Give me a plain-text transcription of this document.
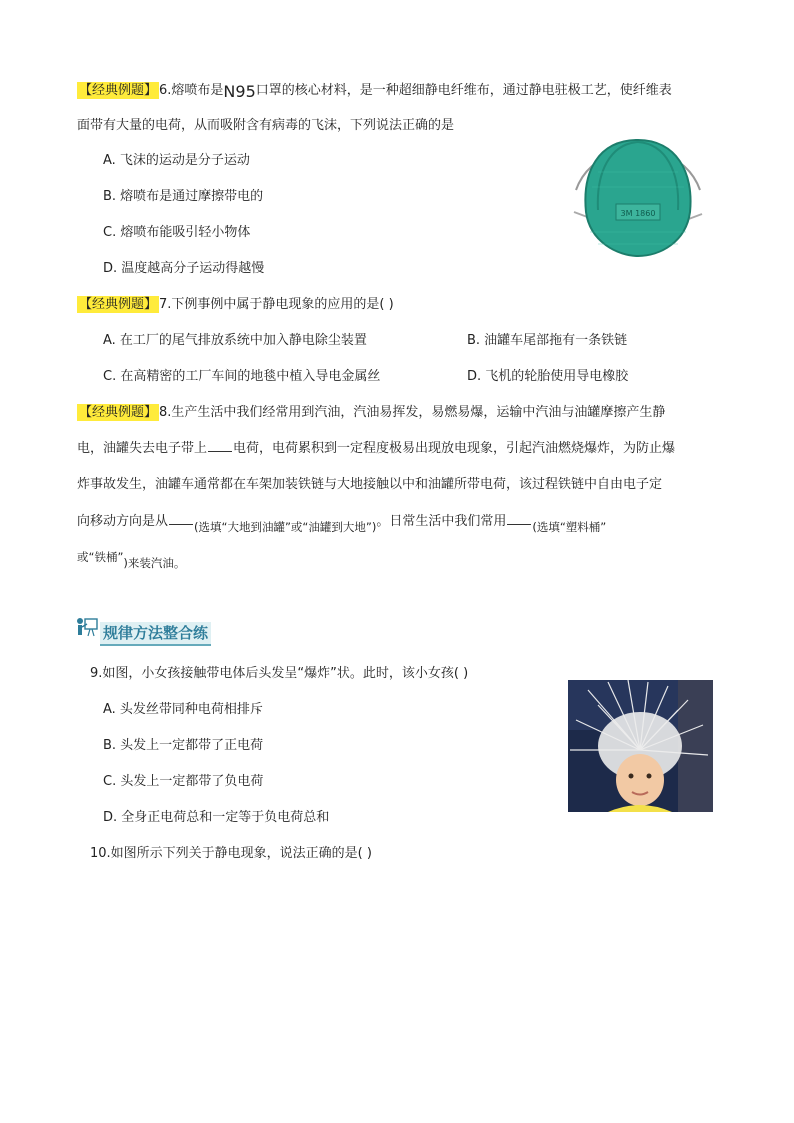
【经典例题】 6.熔喷布是N95口罩的核心材料，是一种超细静电纤维布，通过静电驻极工艺，使纤维表
面带有大量的电荷，从而吸附含有病毒的飞沫，下列说法正确的是
A. 飞沫的运动是分子运动
B. 熔喷布是通过摩擦带电的
C. 熔喷布能吸引轻小物体
D. 温度越高分子运动得越慢
3M 1860
【经典例题】 7.下例事例中属于静电现象的应用的是( )
A. 在工厂的尾气排放系统中加入静电除尘装置	B. 油罐车尾部拖有一条铁链
C. 在高精密的工厂车间的地毯中植入导电金属丝	D. 飞机的轮胎使用导电橡胶
【经典例题】 8.生产生活中我们经常用到汽油，汽油易挥发，易燃易爆，运输中汽油与油罐摩擦产生静
电，油罐失去电子带上 电荷，电荷累积到一定程度极易出现放电现象，引起汽油燃烧爆炸，为防止爆
炸事故发生，油罐车通常都在车架加装铁链与大地接触以中和油罐所带电荷，该过程铁链中自由电子定
向移动方向是从 (选填“大地到油罐”或“油罐到大地”)。日常生活中我们常用 (选填“塑料桶”
或“铁桶”)来装汽油。
规律方法整合练
9.如图，小女孩接触带电体后头发呈“爆炸”状。此时，该小女孩( )
A. 头发丝带同种电荷相排斥
B. 头发上一定都带了正电荷
C. 头发上一定都带了负电荷
D. 全身正电荷总和一定等于负电荷总和
10.如图所示下列关于静电现象，说法正确的是( )
